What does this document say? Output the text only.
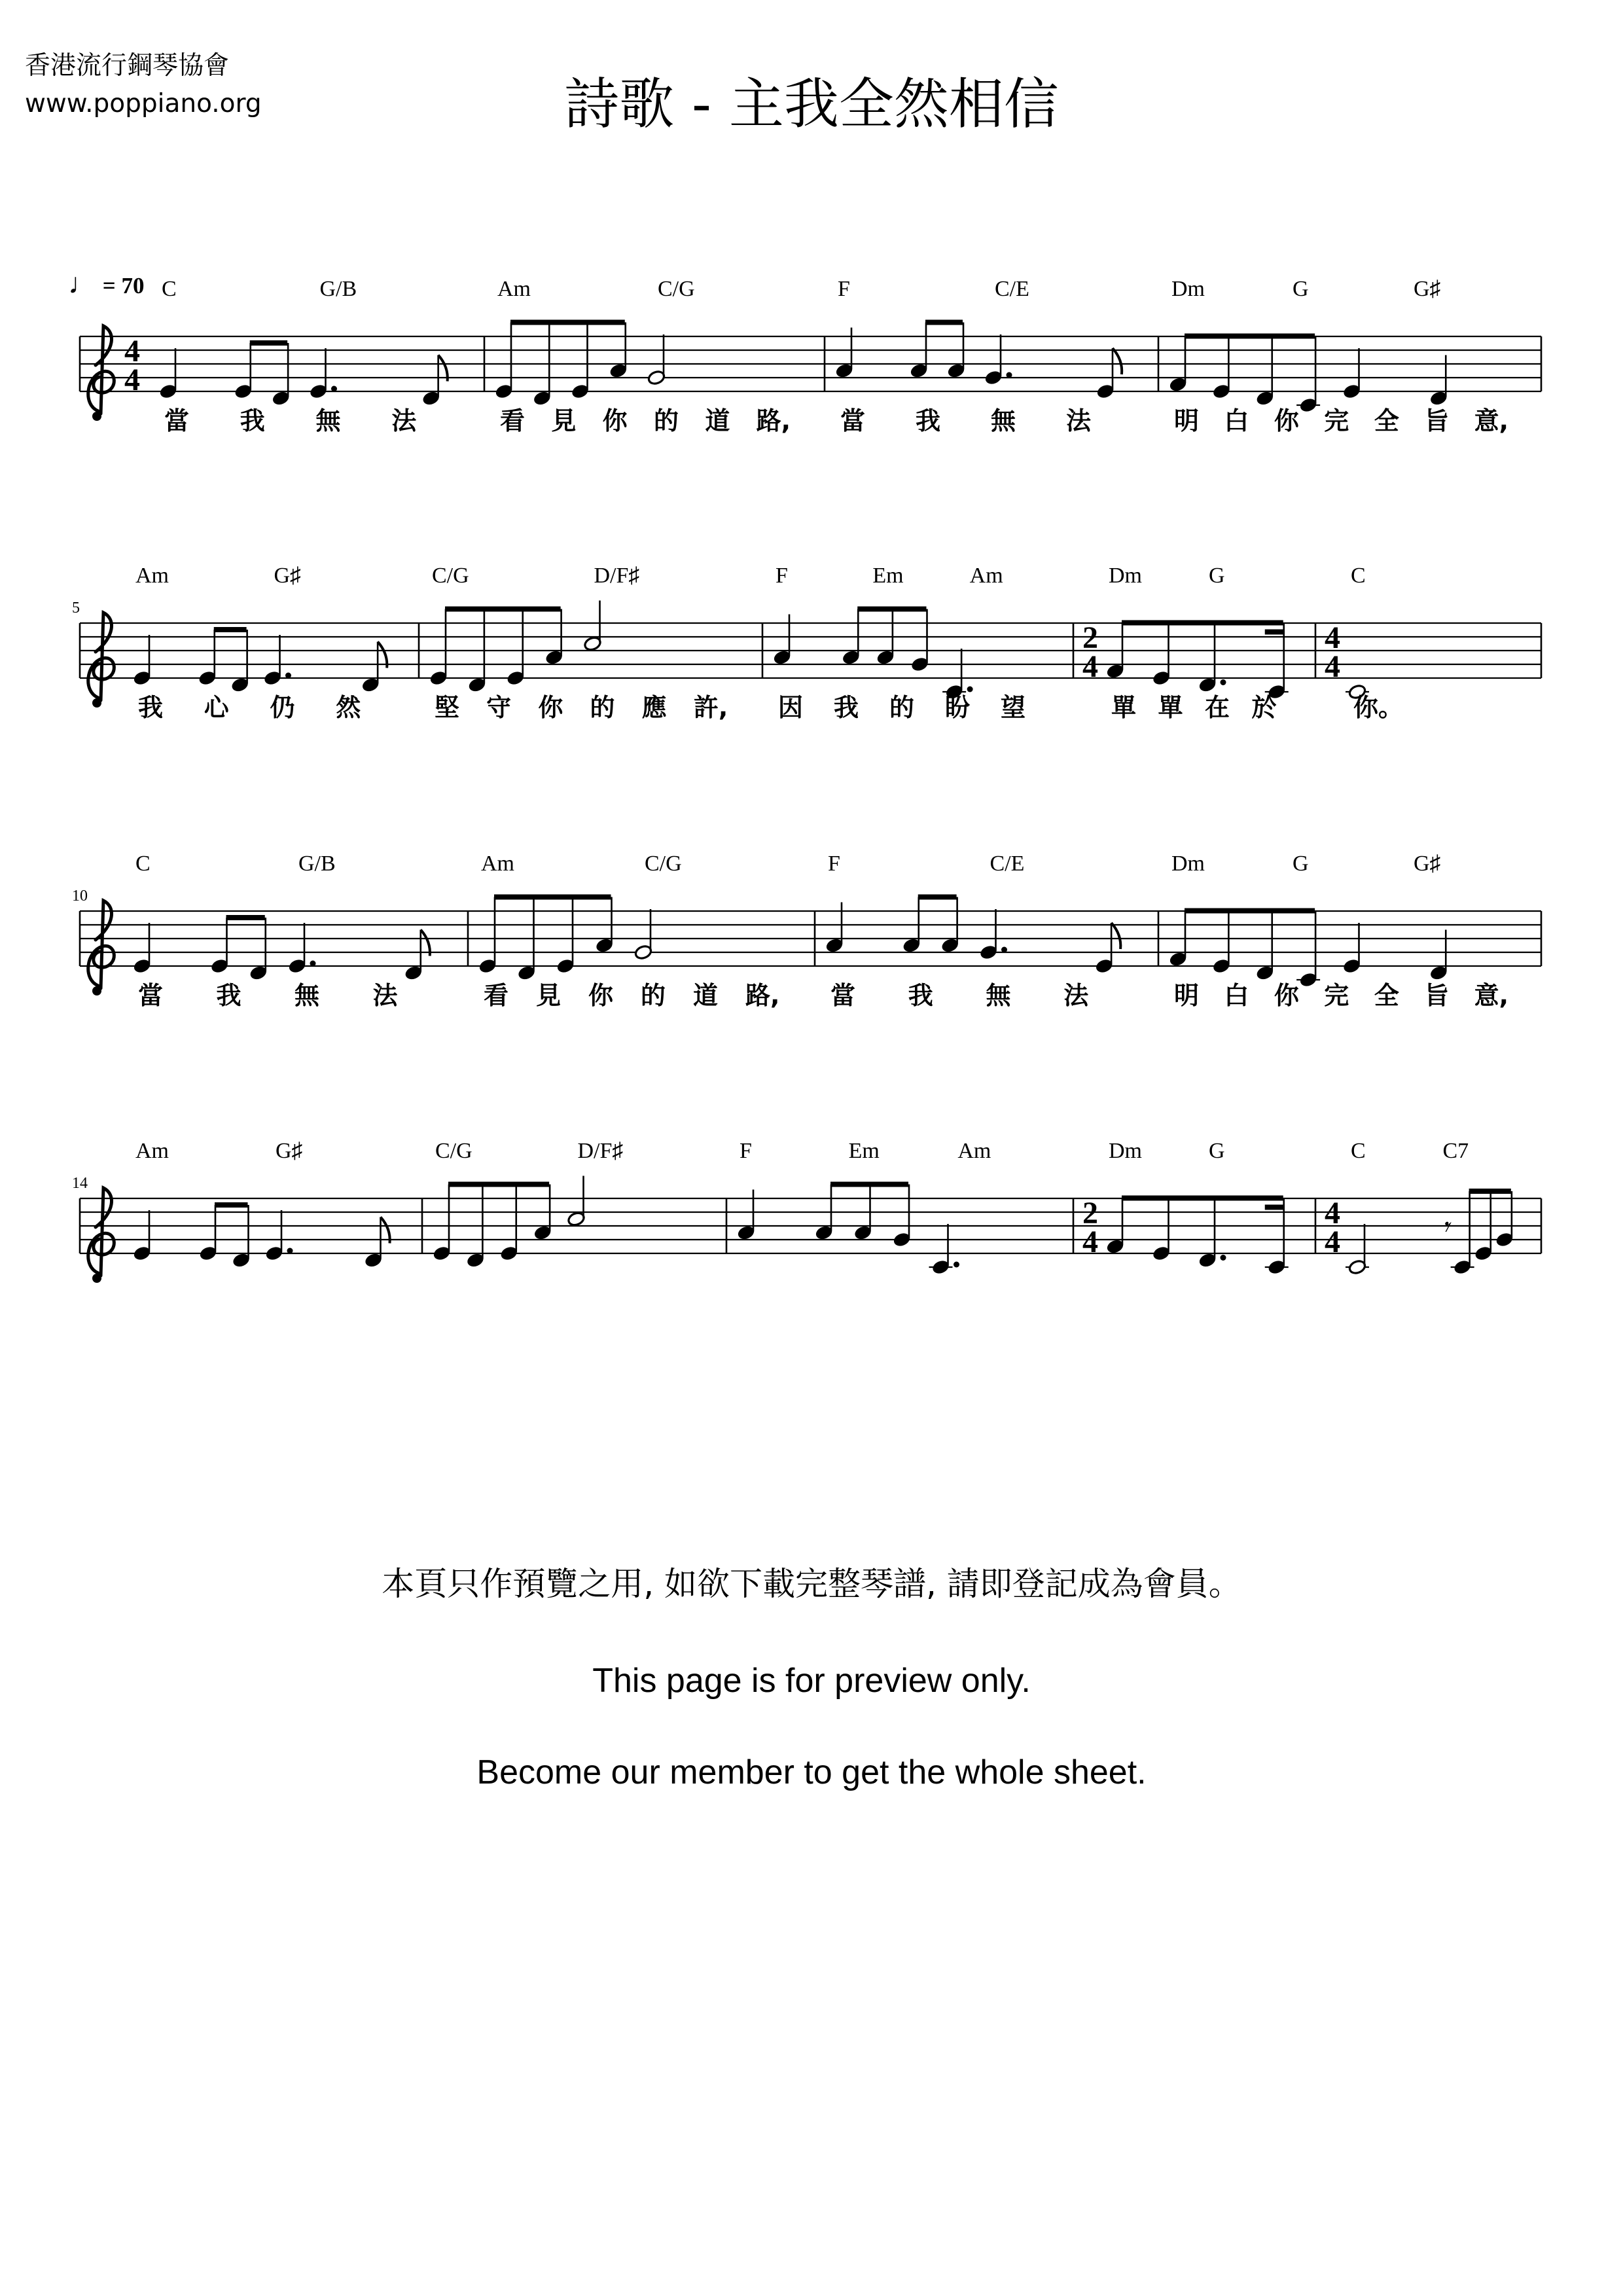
香港流行鋼琴協會
www.poppiano.org	詩歌 - 主我全然相信
♩ = 70
4
4
C	G/B
當 我 無 法
Am	C/G
看 見 你 的 道 路,
F	C/E
當 我 無 法
Dm	G	G♯
明 白 你 完 全 旨 意,
5
Am	G♯
我 心 仍 然
C/G	D/F♯
堅 守 你 的 應 許,
F	Em	Am
因 我 的 盼 望
2
4
Dm	G
單 單 在 於
4
4
C
你。
10
C	G/B
當 我 無 法
Am	C/G
看 見 你 的 道 路,
F	C/E
當 我 無 法
Dm	G	G♯
明 白 你 完 全 旨 意,
14
Am	G♯	C/G	D/F♯	F	Em	Am
2
4
Dm	G
4
4
C	C7
𝄾
本頁只作預覽之用, 如欲下載完整琴譜, 請即登記成為會員。
This page is for preview only.
Become our member to get the whole sheet.
